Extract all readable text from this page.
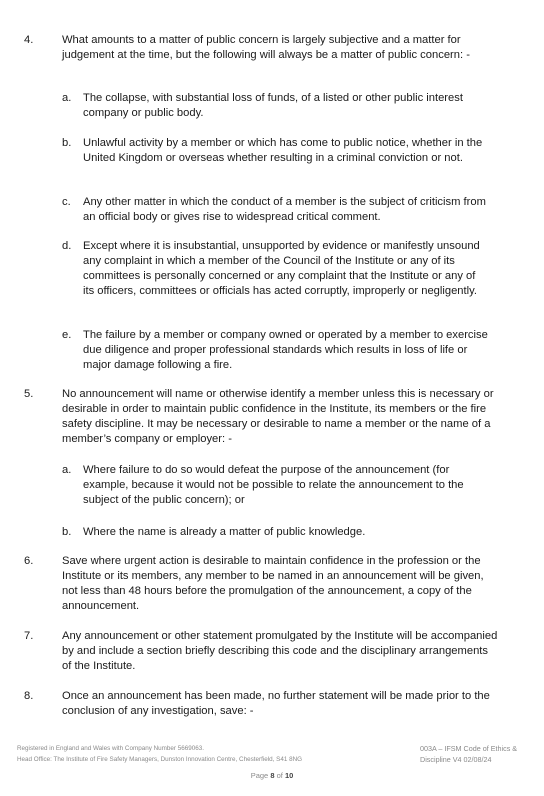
4.	What amounts to a matter of public concern is largely subjective and a matter for judgement at the time, but the following will always be a matter of public concern: -
a. The collapse, with substantial loss of funds, of a listed or other public interest company or public body.
b. Unlawful activity by a member or which has come to public notice, whether in the United Kingdom or overseas whether resulting in a criminal conviction or not.
c. Any other matter in which the conduct of a member is the subject of criticism from an official body or gives rise to widespread critical comment.
d. Except where it is insubstantial, unsupported by evidence or manifestly unsound any complaint in which a member of the Council of the Institute or any of its committees is personally concerned or any complaint that the Institute or any of its officers, committees or officials has acted corruptly, improperly or negligently.
e. The failure by a member or company owned or operated by a member to exercise due diligence and proper professional standards which results in loss of life or major damage following a fire.
5.	No announcement will name or otherwise identify a member unless this is necessary or desirable in order to maintain public confidence in the Institute, its members or the fire safety discipline. It may be necessary or desirable to name a member or the name of a member’s company or employer: -
a. Where failure to do so would defeat the purpose of the announcement (for example, because it would not be possible to relate the announcement to the subject of the public concern); or
b. Where the name is already a matter of public knowledge.
6.	Save where urgent action is desirable to maintain confidence in the profession or the Institute or its members, any member to be named in an announcement will be given, not less than 48 hours before the promulgation of the announcement, a copy of the announcement.
7.	Any announcement or other statement promulgated by the Institute will be accompanied by and include a section briefly describing this code and the disciplinary arrangements of the Institute.
8.	Once an announcement has been made, no further statement will be made prior to the conclusion of any investigation, save: -
Registered in England and Wales with Company Number 5669063.
Head Office: The Institute of Fire Safety Managers, Dunston Innovation Centre, Chesterfield, S41 8NG
003A – IFSM Code of Ethics &
Discipline V4 02/08/24
Page 8 of 10
